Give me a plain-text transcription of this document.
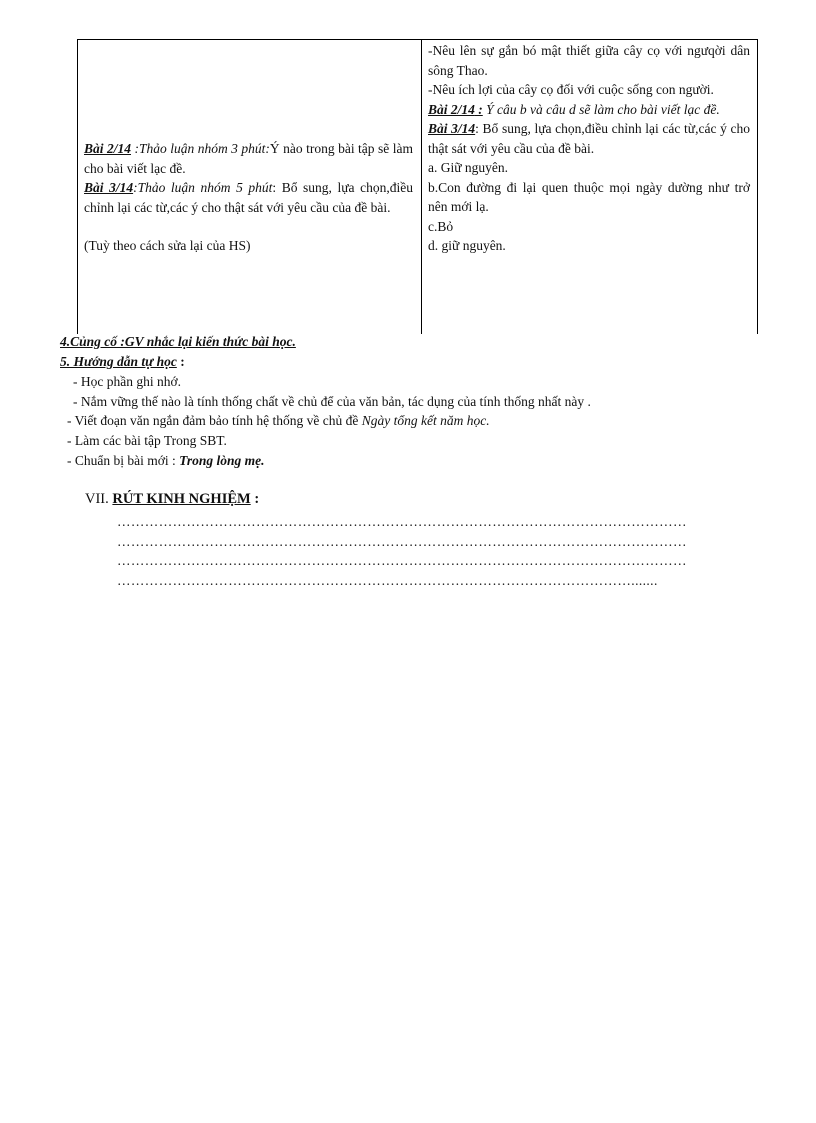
Bài 2/14 :Thảo luận nhóm 3 phút:Ý nào trong bài tập sẽ làm cho bài viết lạc đề.

Bài 3/14:Thảo luận nhóm 5 phút: Bổ sung, lựa chọn,điều chỉnh lại các từ,các ý cho thật sát với yêu cầu của đề bài.

(Tuỳ theo cách sửa lại của HS)

-Nêu lên sự gắn bó mật thiết giữa cây cọ với ngưqời dân sông Thao.

-Nêu ích lợi của cây cọ đối với cuộc sống con người.

Bài 2/14 : Ý câu b và câu d sẽ làm cho bài viết lạc đề.

Bài 3/14: Bổ sung, lựa chọn,điều chỉnh lại các từ,các ý cho thật sát với yêu cầu của đề bài.

a. Giữ nguyên.

b.Con đường đi lại quen thuộc mọi ngày dường như trở nên mới lạ.

c.Bỏ

d. giữ nguyên.

4.Củng cố :GV nhắc lại kiến thức bài học.
5. Hướng dẫn tự học :
- Học phần ghi nhớ.
- Nắm vững thế nào là tính thống chất về chủ để của văn bản, tác dụng của tính thống nhất này .
- Viết đoạn văn ngắn đảm bảo tính hệ thống về chủ đề Ngày tổng kết năm học.
- Làm các bài tập Trong SBT.
- Chuẩn bị bài mới : Trong lòng mẹ.
VII. RÚT KINH NGHIỆM :
……………………………………………………………………………………………………………
……………………………………………………………………………………………………………
……………………………………………………………………………………………………………
………………………………………………………………………………………………….......
